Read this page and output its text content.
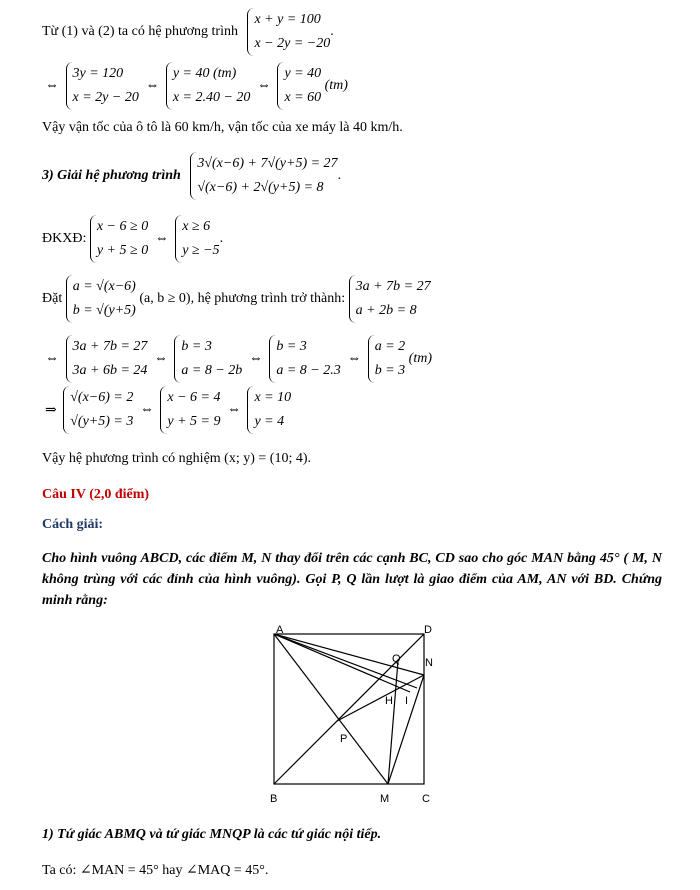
Từ (1) và (2) ta có hệ phương trình
x + y = 100
x − 2y = −20
.
⇔
3y = 120
x = 2y − 20
⇔
y = 40 (tm)
x = 2.40 − 20
⇔
y = 40
x = 60
(tm)
Vậy vận tốc của ô tô là 60 km/h, vận tốc của xe máy là 40 km/h.
3) Giải hệ phương trình
3√(x−6) + 7√(y+5) = 27
√(x−6) + 2√(y+5) = 8
.
ĐKXĐ:
x − 6 ≥ 0
y + 5 ≥ 0
⇔
x ≥ 6
y ≥ −5
.
Đặt
a = √(x−6)
b = √(y+5)
(a, b ≥ 0), hệ phương trình trở thành:
3a + 7b = 27
a + 2b = 8
⇔
3a + 7b = 27
3a + 6b = 24
⇔
b = 3
a = 8 − 2b
⇔
b = 3
a = 8 − 2.3
⇔
a = 2
b = 3
(tm)
⇒
√(x−6) = 2
√(y+5) = 3
⇔
x − 6 = 4
y + 5 = 9
⇔
x = 10
y = 4
Vậy hệ phương trình có nghiệm (x; y) = (10; 4).
Câu IV (2,0 điểm)
Cách giải:
Cho hình vuông ABCD, các điểm M, N thay đổi trên các cạnh BC, CD sao cho góc MAN bằng 45° ( M, N không trùng với các đỉnh của hình vuông). Gọi P, Q lần lượt là giao điểm của AM, AN với BD. Chứng minh rằng:
A	D
B	C
M
N
P
Q
H I
1) Tứ giác ABMQ và tứ giác MNQP là các tứ giác nội tiếp.
Ta có: ∠MAN = 45° hay ∠MAQ = 45°.
